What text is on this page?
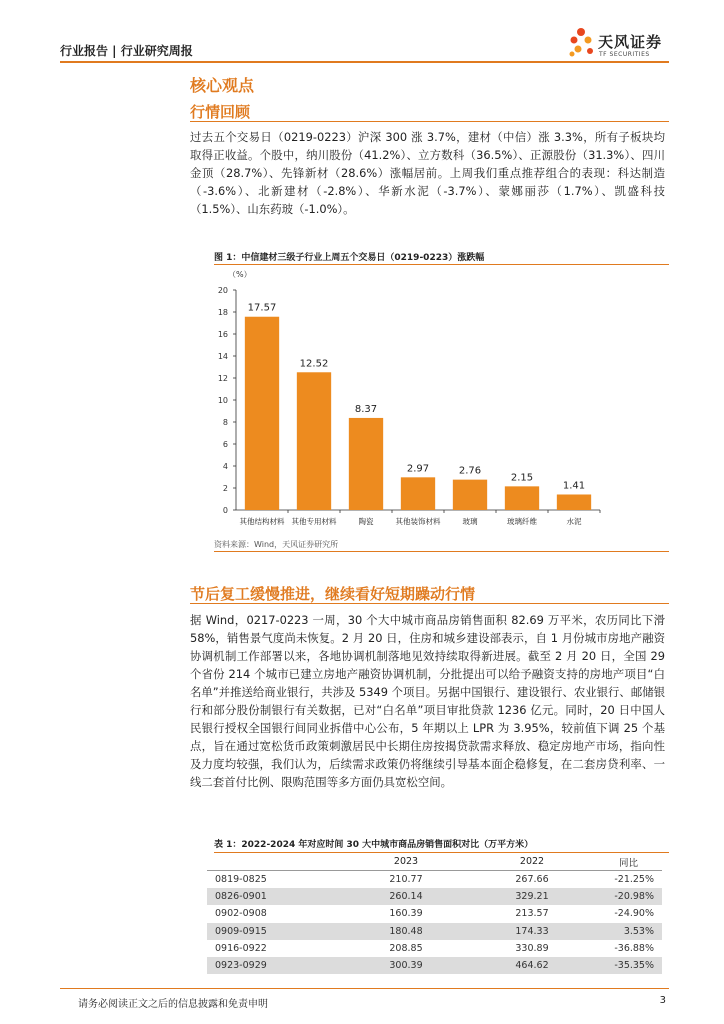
行业报告 | 行业研究周报	天风证券
TF SECURITIES
核心观点
行情回顾
过去五个交易日（0219-0223）沪深 300 涨 3.7%，建材（中信）涨 3.3%，所有子板块均取得正收益。个股中，纳川股份（41.2%）、立方数科（36.5%）、正源股份（31.3%）、四川金顶（28.7%）、先锋新材（28.6%）涨幅居前。上周我们重点推荐组合的表现：科达制造（-3.6%）、北新建材（-2.8%）、华新水泥（-3.7%）、蒙娜丽莎（1.7%）、凯盛科技（1.5%）、山东药玻（-1.0%）。
图 1：中信建材三级子行业上周五个交易日（0219-0223）涨跌幅
（%）
0
2
4
6
8
10
12
14
16
18
20
17.57
其他结构材料
12.52
其他专用材料
8.37
陶瓷
2.97
其他装饰材料
2.76
玻璃
2.15
玻璃纤维
1.41
水泥
资料来源：Wind，天风证券研究所
节后复工缓慢推进，继续看好短期躁动行情
据 Wind，0217-0223 一周，30 个大中城市商品房销售面积 82.69 万平米，农历同比下滑 58%，销售景气度尚未恢复。2 月 20 日，住房和城乡建设部表示，自 1 月份城市房地产融资协调机制工作部署以来，各地协调机制落地见效持续取得新进展。截至 2 月 20 日，全国 29 个省份 214 个城市已建立房地产融资协调机制，分批提出可以给予融资支持的房地产项目“白名单”并推送给商业银行，共涉及 5349 个项目。另据中国银行、建设银行、农业银行、邮储银行和部分股份制银行有关数据，已对“白名单”项目审批贷款 1236 亿元。同时，20 日中国人民银行授权全国银行间同业拆借中心公布，5 年期以上 LPR 为 3.95%，较前值下调 25 个基点，旨在通过宽松货币政策刺激居民中长期住房按揭贷款需求释放、稳定房地产市场，指向性及力度均较强，我们认为，后续需求政策仍将继续引导基本面企稳修复，在二套房贷利率、一线二套首付比例、限购范围等多方面仍具宽松空间。
表 1：2022-2024 年对应时间 30 大中城市商品房销售面积对比（万平方米）
	2023	2022	同比
0819-0825	210.77	267.66	-21.25%
0826-0901	260.14	329.21	-20.98%
0902-0908	160.39	213.57	-24.90%
0909-0915	180.48	174.33	3.53%
0916-0922	208.85	330.89	-36.88%
0923-0929	300.39	464.62	-35.35%
请务必阅读正文之后的信息披露和免责申明	3
